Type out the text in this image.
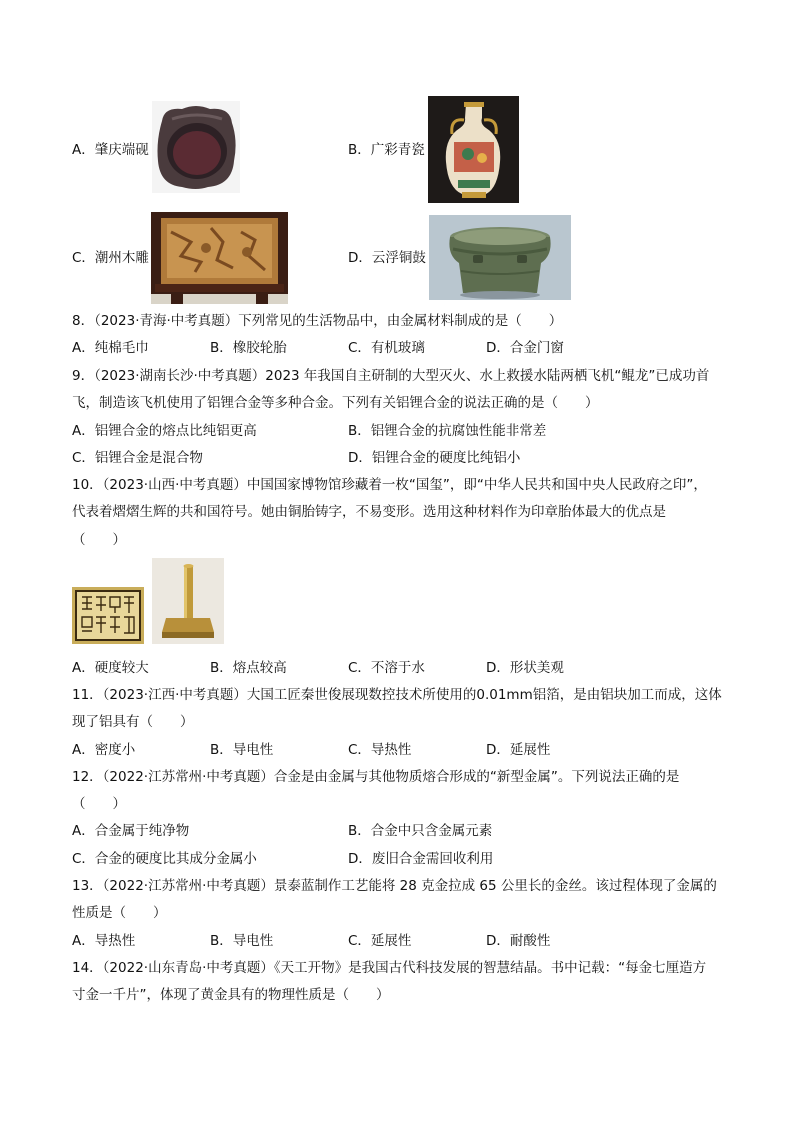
A．肇庆端砚	B．广彩青瓷
C．潮州木雕	D．云浮铜鼓
8．（2023·青海·中考真题）下列常见的生活物品中，由金属材料制成的是（　　）
A．纯棉毛巾	B．橡胶轮胎	C．有机玻璃	D．合金门窗
9．（2023·湖南长沙·中考真题）2023 年我国自主研制的大型灭火、水上救援水陆两栖飞机“鲲龙”已成功首
飞，制造该飞机使用了铝锂合金等多种合金。下列有关铝锂合金的说法正确的是（　　）
A．铝锂合金的熔点比纯铝更高	B．铝锂合金的抗腐蚀性能非常差
C．铝锂合金是混合物	D．铝锂合金的硬度比纯铝小
10．（2023·山西·中考真题）中国国家博物馆珍藏着一枚“国玺”，即“中华人民共和国中央人民政府之印”，
代表着熠熠生辉的共和国符号。她由铜胎铸字，不易变形。选用这种材料作为印章胎体最大的优点是
（　　）
A．硬度较大	B．熔点较高	C．不溶于水	D．形状美观
11．（2023·江西·中考真题）大国工匠秦世俊展现数控技术所使用的0.01mm铝箔，是由铝块加工而成，这体
现了铝具有（　　）
A．密度小	B．导电性	C．导热性	D．延展性
12．（2022·江苏常州·中考真题）合金是由金属与其他物质熔合形成的“新型金属”。下列说法正确的是
（　　）
A．合金属于纯净物	B．合金中只含金属元素
C．合金的硬度比其成分金属小	D．废旧合金需回收利用
13．（2022·江苏常州·中考真题）景泰蓝制作工艺能将 28 克金拉成 65 公里长的金丝。该过程体现了金属的
性质是（　　）
A．导热性	B．导电性	C．延展性	D．耐酸性
14．（2022·山东青岛·中考真题）《天工开物》是我国古代科技发展的智慧结晶。书中记载：“每金七厘造方
寸金一千片”，体现了黄金具有的物理性质是（　　）
